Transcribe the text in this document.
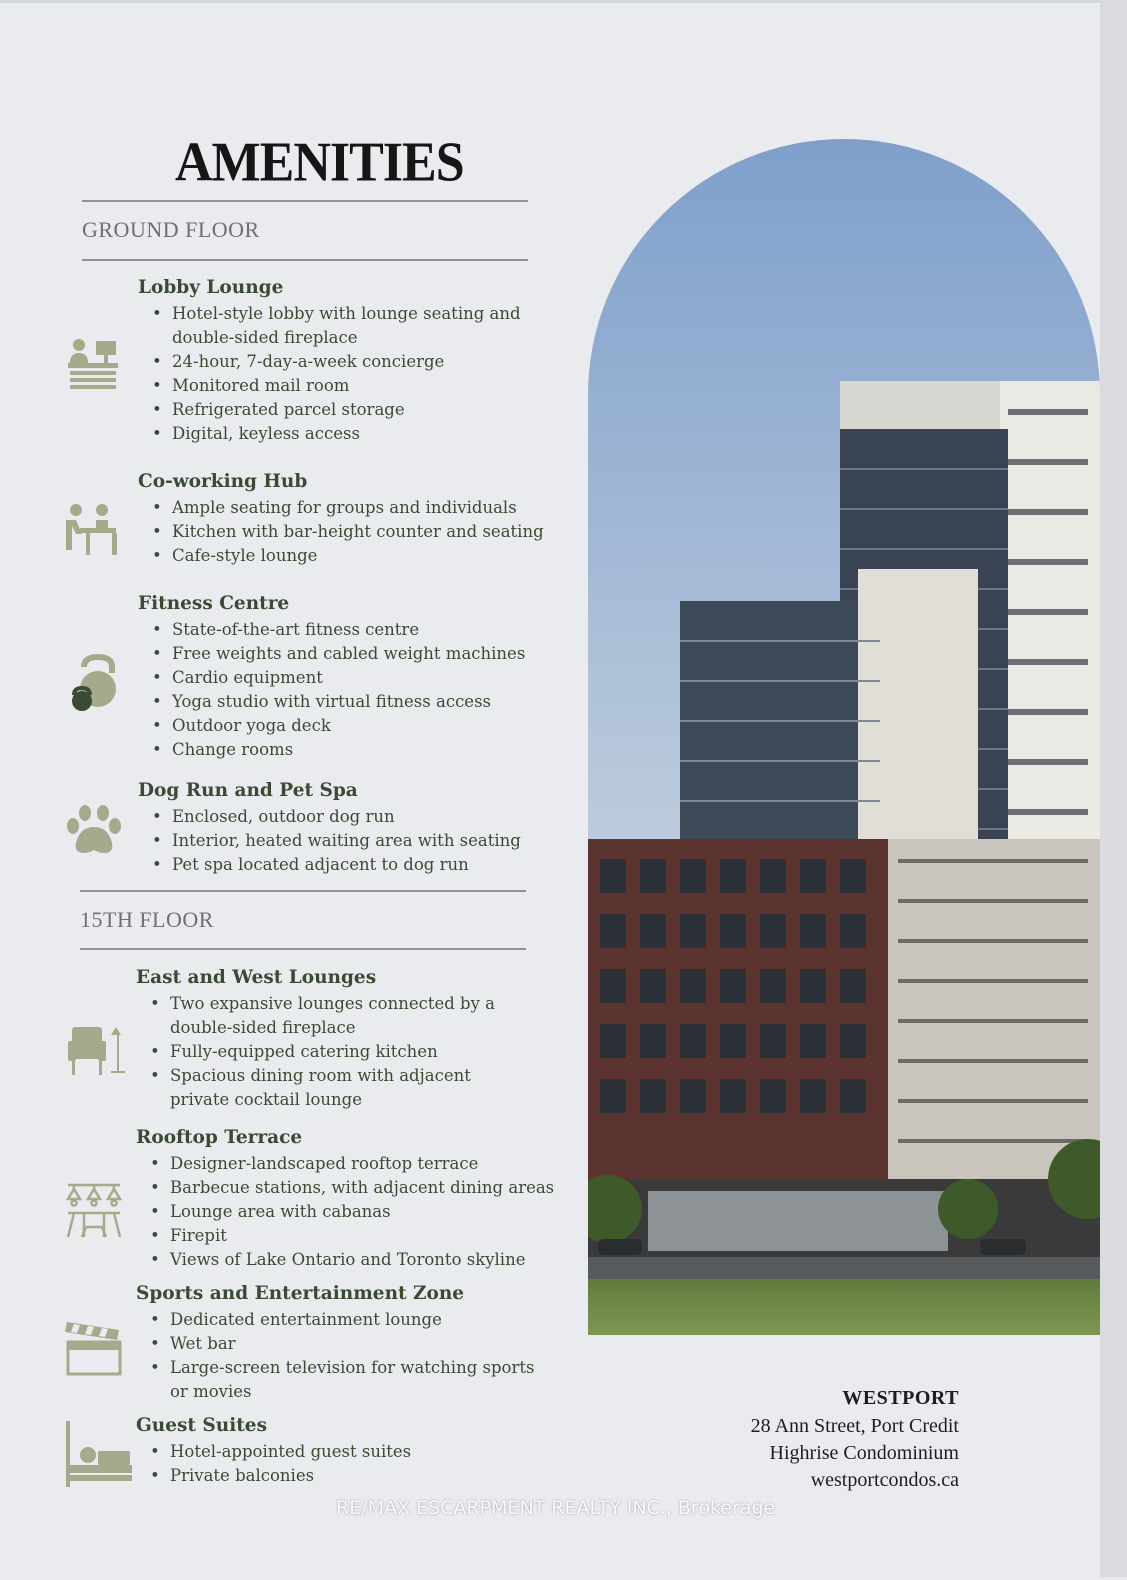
AMENITIES
GROUND FLOOR
Lobby Lounge
• Hotel-style lobby with lounge seating and
double-sided fireplace
• 24-hour, 7-day-a-week concierge
• Monitored mail room
• Refrigerated parcel storage
• Digital, keyless access
Co-working Hub
• Ample seating for groups and individuals
• Kitchen with bar-height counter and seating
• Cafe-style lounge
Fitness Centre
• State-of-the-art fitness centre
• Free weights and cabled weight machines
• Cardio equipment
• Yoga studio with virtual fitness access
• Outdoor yoga deck
• Change rooms
Dog Run and Pet Spa
• Enclosed, outdoor dog run
• Interior, heated waiting area with seating
• Pet spa located adjacent to dog run
15TH FLOOR
East and West Lounges
• Two expansive lounges connected by a
double-sided fireplace
• Fully-equipped catering kitchen
• Spacious dining room with adjacent
private cocktail lounge
Rooftop Terrace
• Designer-landscaped rooftop terrace
• Barbecue stations, with adjacent dining areas
• Lounge area with cabanas
• Firepit
• Views of Lake Ontario and Toronto skyline
Sports and Entertainment Zone
• Dedicated entertainment lounge
• Wet bar
• Large-screen television for watching sports
or movies
Guest Suites
• Hotel-appointed guest suites
• Private balconies
WESTPORT
28 Ann Street, Port Credit
Highrise Condominium
westportcondos.ca
RE/MAX ESCARPMENT REALTY INC., Brokerage
